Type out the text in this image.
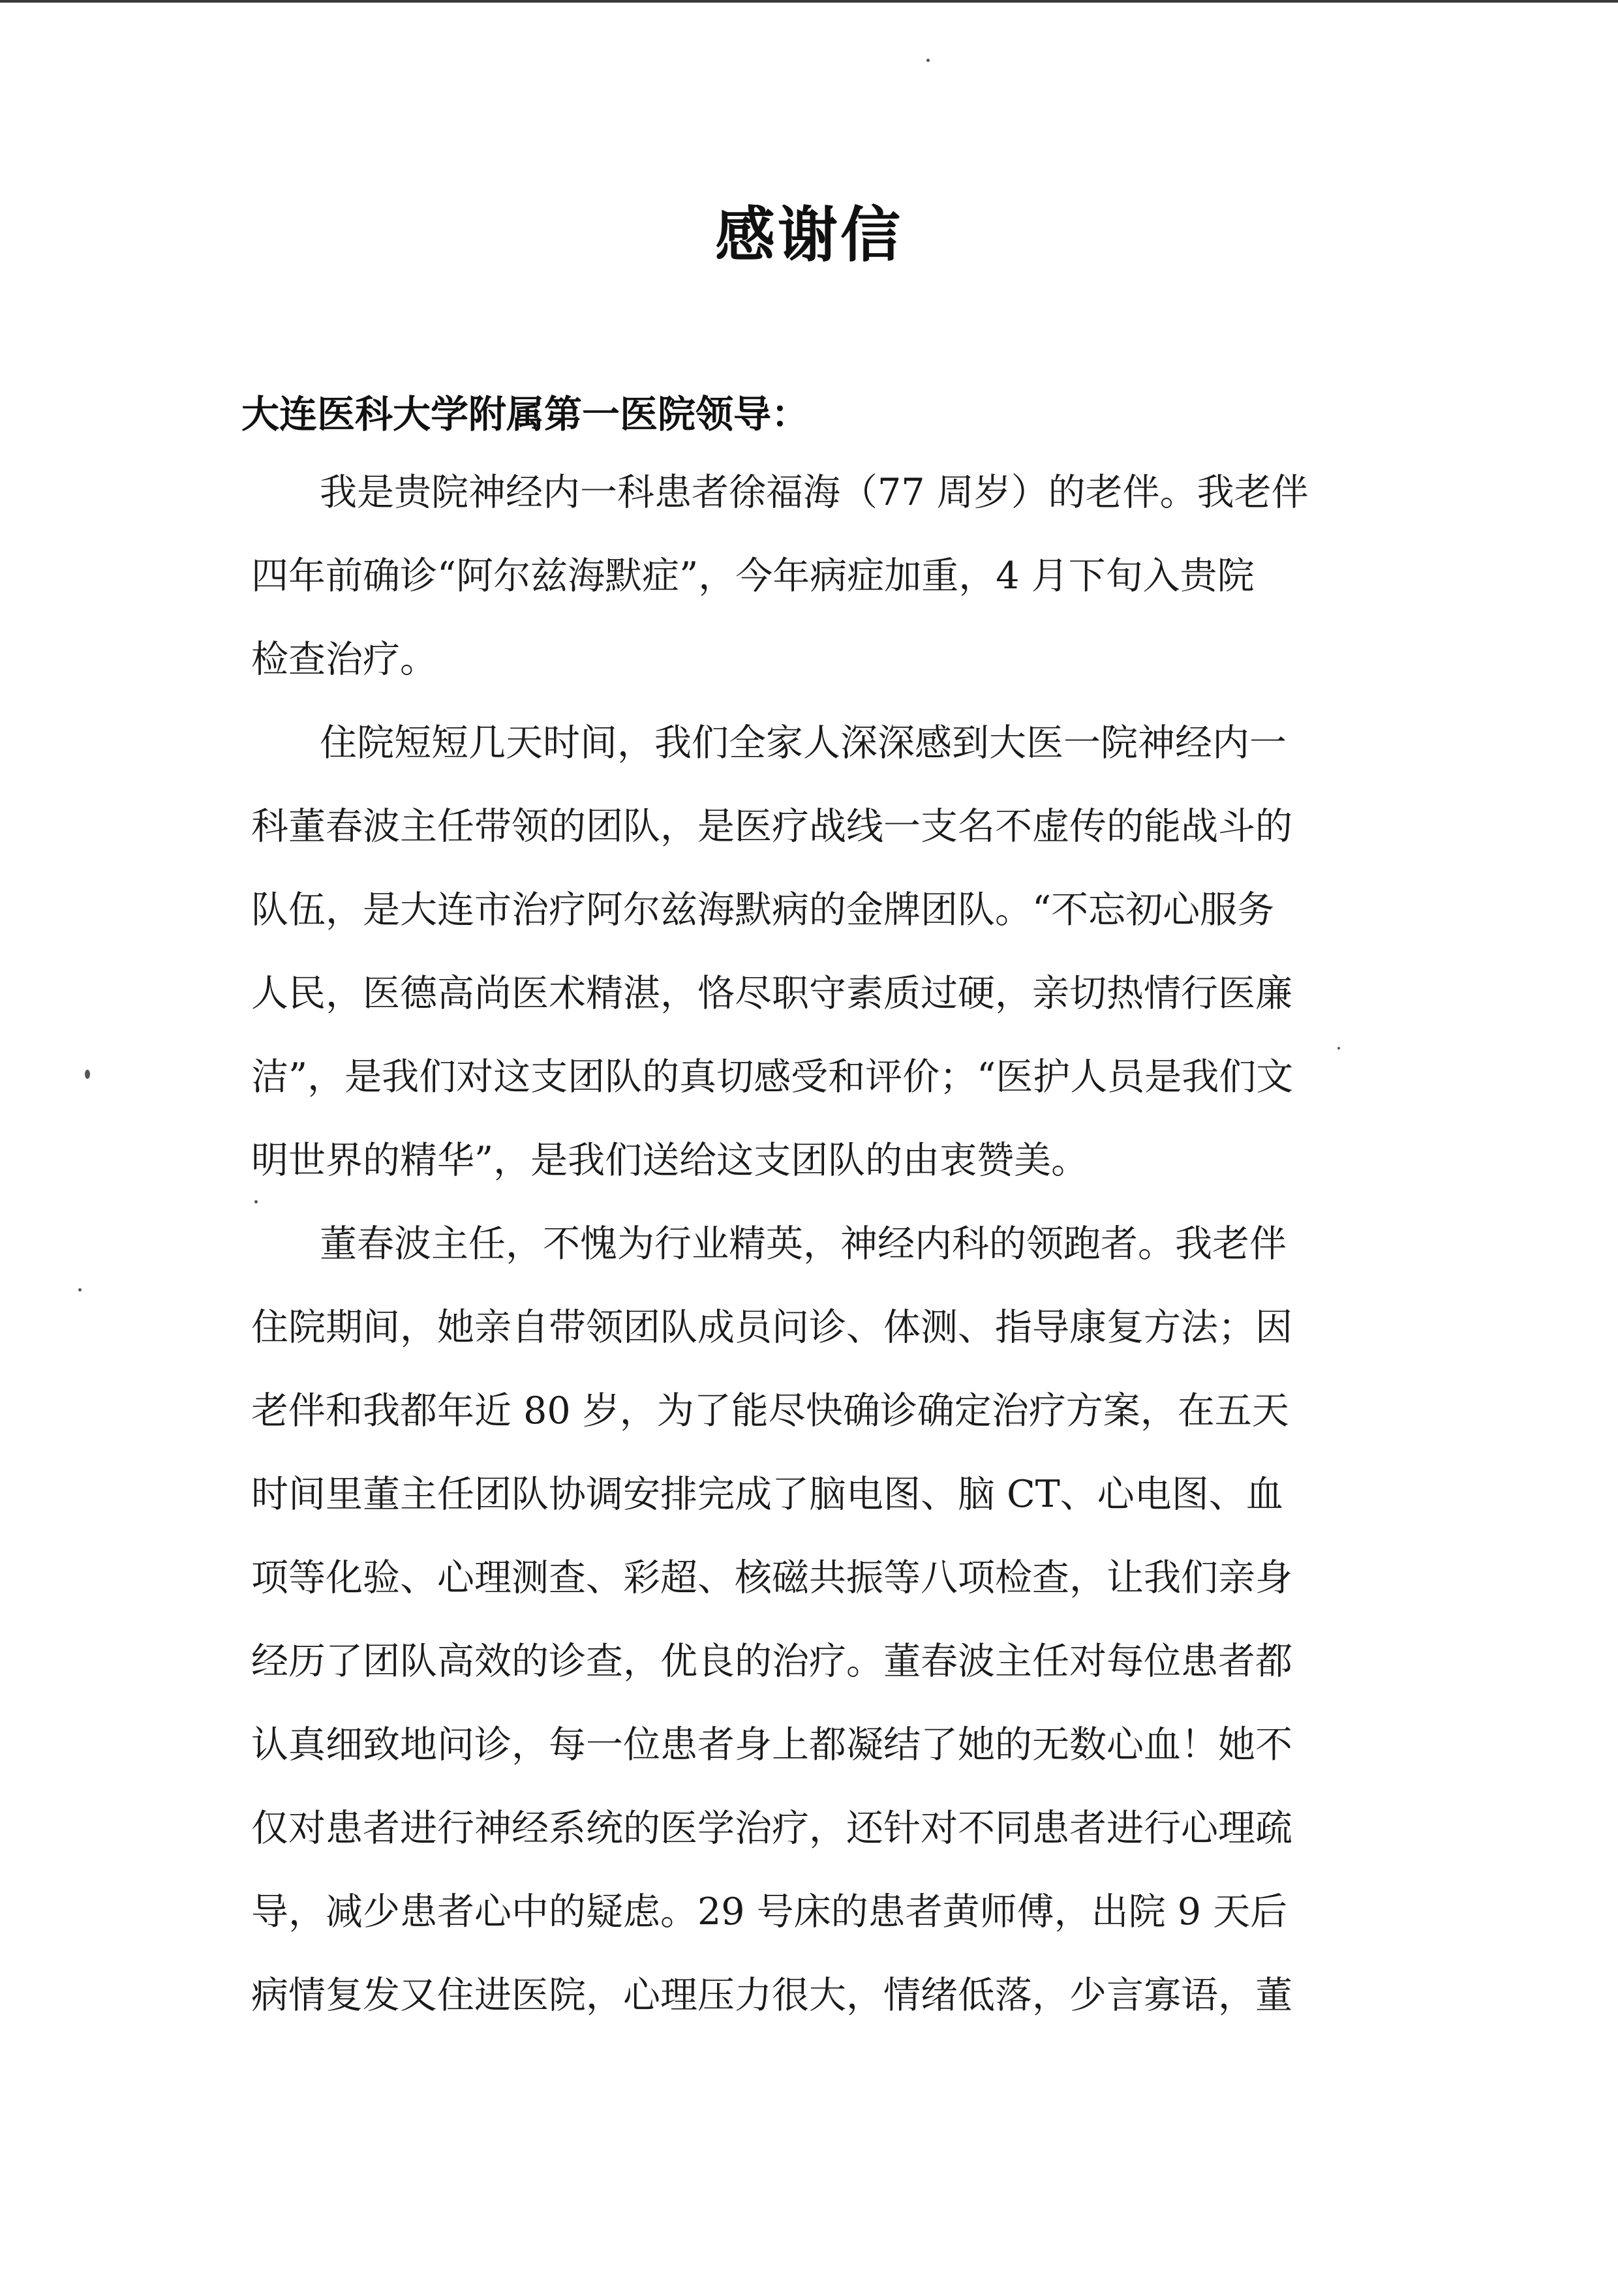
感谢信
大连医科大学附属第一医院领导：
我是贵院神经内一科患者徐福海（77 周岁）的老伴。我老伴
四年前确诊“阿尔兹海默症”，今年病症加重，4 月下旬入贵院
检查治疗。
住院短短几天时间，我们全家人深深感到大医一院神经内一
科董春波主任带领的团队，是医疗战线一支名不虚传的能战斗的
队伍，是大连市治疗阿尔兹海默病的金牌团队。“不忘初心服务
人民，医德高尚医术精湛，恪尽职守素质过硬，亲切热情行医廉
洁”，是我们对这支团队的真切感受和评价；“医护人员是我们文
明世界的精华”，是我们送给这支团队的由衷赞美。
董春波主任，不愧为行业精英，神经内科的领跑者。我老伴
住院期间，她亲自带领团队成员问诊、体测、指导康复方法；因
老伴和我都年近 80 岁，为了能尽快确诊确定治疗方案，在五天
时间里董主任团队协调安排完成了脑电图、脑 CT、心电图、血
项等化验、心理测查、彩超、核磁共振等八项检查，让我们亲身
经历了团队高效的诊查，优良的治疗。董春波主任对每位患者都
认真细致地问诊，每一位患者身上都凝结了她的无数心血！她不
仅对患者进行神经系统的医学治疗，还针对不同患者进行心理疏
导，减少患者心中的疑虑。29 号床的患者黄师傅，出院 9 天后
病情复发又住进医院，心理压力很大，情绪低落，少言寡语，董
